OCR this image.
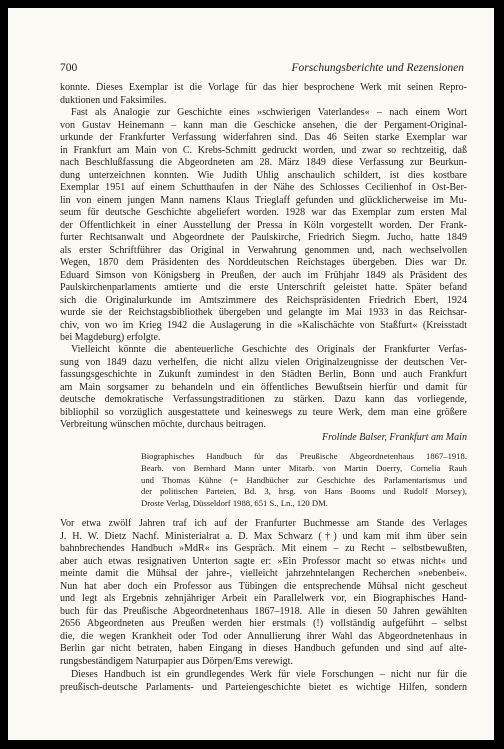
700	Forschungsberichte und Rezensionen
konnte. Dieses Exemplar ist die Vorlage für das hier besprochene Werk mit seinen Repro-
duktionen und Faksimiles.
Fast als Analogie zur Geschichte eines »schwierigen Vaterlandes« – nach einem Wort
von Gustav Heinemann – kann man die Geschicke ansehen, die der Pergament-Original-
urkunde der Frankfurter Verfassung widerfahren sind. Das 46 Seiten starke Exemplar war
in Frankfurt am Main von C. Krebs-Schmitt gedruckt worden, und zwar so rechtzeitig, daß
nach Beschlußfassung die Abgeordneten am 28. März 1849 diese Verfassung zur Beurkun-
dung unterzeichnen konnten. Wie Judith Uhlig anschaulich schildert, ist dies kostbare
Exemplar 1951 auf einem Schutthaufen in der Nähe des Schlosses Cecilienhof in Ost-Ber-
lin von einem jungen Mann namens Klaus Trieglaff gefunden und glücklicherweise im Mu-
seum für deutsche Geschichte abgeliefert worden. 1928 war das Exemplar zum ersten Mal
der Öffentlichkeit in einer Ausstellung der Pressa in Köln vorgestellt worden. Der Frank-
furter Rechtsanwalt und Abgeordnete der Paulskirche, Friedrich Siegm. Jucho, hatte 1849
als erster Schriftführer das Original in Verwahrung genommen und, nach wechselvollen
Wegen, 1870 dem Präsidenten des Norddeutschen Reichstages übergeben. Dies war Dr.
Eduard Simson von Königsberg in Preußen, der auch im Frühjahr 1849 als Präsident des
Paulskirchenparlaments amtierte und die erste Unterschrift geleistet hatte. Später befand
sich die Originalurkunde im Amtszimmere des Reichspräsidenten Friedrich Ebert, 1924
wurde sie der Reichstagsbibliothek übergeben und gelangte im Mai 1933 in das Reichsar-
chiv, von wo im Krieg 1942 die Auslagerung in die »Kalischächte von Staßfurt« (Kreisstadt
bei Magdeburg) erfolgte.
Vielleicht könnte die abenteuerliche Geschichte des Originals der Frankfurter Verfas-
sung von 1849 dazu verhelfen, die nicht allzu vielen Originalzeugnisse der deutschen Ver-
fassungsgeschichte in Zukunft zumindest in den Städten Berlin, Bonn und auch Frankfurt
am Main sorgsamer zu behandeln und ein öffentliches Bewußtsein hierfür und damit für
deutsche demokratische Verfassungstraditionen zu stärken. Dazu kann das vorliegende,
bibliophil so vorzüglich ausgestattete und keineswegs zu teure Werk, dem man eine größere
Verbreitung wünschen möchte, durchaus beitragen.

Frolinde Balser, Frankfurt am Main

Biographisches Handbuch für das Preußische Abgeordnetenhaus 1867–1918.
Bearb. von Bernhard Mann unter Mitarb. von Martin Doerry, Cornelia Rauh
und Thomas Kühne (= Handbücher zur Geschichte des Parlamentarismus und
der politischen Parteien, Bd. 3, hrsg. von Hans Booms und Rudolf Morsey),
Droste Verlag, Düsseldorf 1988, 651 S., Ln., 120 DM.
Vor etwa zwölf Jahren traf ich auf der Franfurter Buchmesse am Stande des Verlages
J. H. W. Dietz Nachf. Ministerialrat a. D. Max Schwarz (†) und kam mit ihm über sein
bahnbrechendes Handbuch »MdR« ins Gespräch. Mit einem – zu Recht – selbstbewußten,
aber auch etwas resignativen Unterton sagte er: »Ein Professor macht so etwas nicht« und
meinte damit die Mühsal der jahre-, vielleicht jahrzehntelangen Recherchen »nebenbei«.
Nun hat aber doch ein Professor aus Tübingen die entsprechende Mühsal nicht gescheut
und legt als Ergebnis zehnjähriger Arbeit ein Parallelwerk vor, ein Biographisches Hand-
buch für das Preußische Abgeordnetenhaus 1867–1918. Alle in diesen 50 Jahren gewählten
2656 Abgeordneten aus Preußen werden hier erstmals (!) vollständig aufgeführt – selbst
die, die wegen Krankheit oder Tod oder Annullierung ihrer Wahl das Abgeordnetenhaus in
Berlin gar nicht betraten, haben Eingang in dieses Handbuch gefunden und sind auf alte-
rungsbeständigem Naturpapier aus Dörpen/Ems verewigt.
Dieses Handbuch ist ein grundlegendes Werk für viele Forschungen – nicht nur für die
preußisch-deutsche Parlaments- und Parteiengeschichte bietet es wichtige Hilfen, sondern
